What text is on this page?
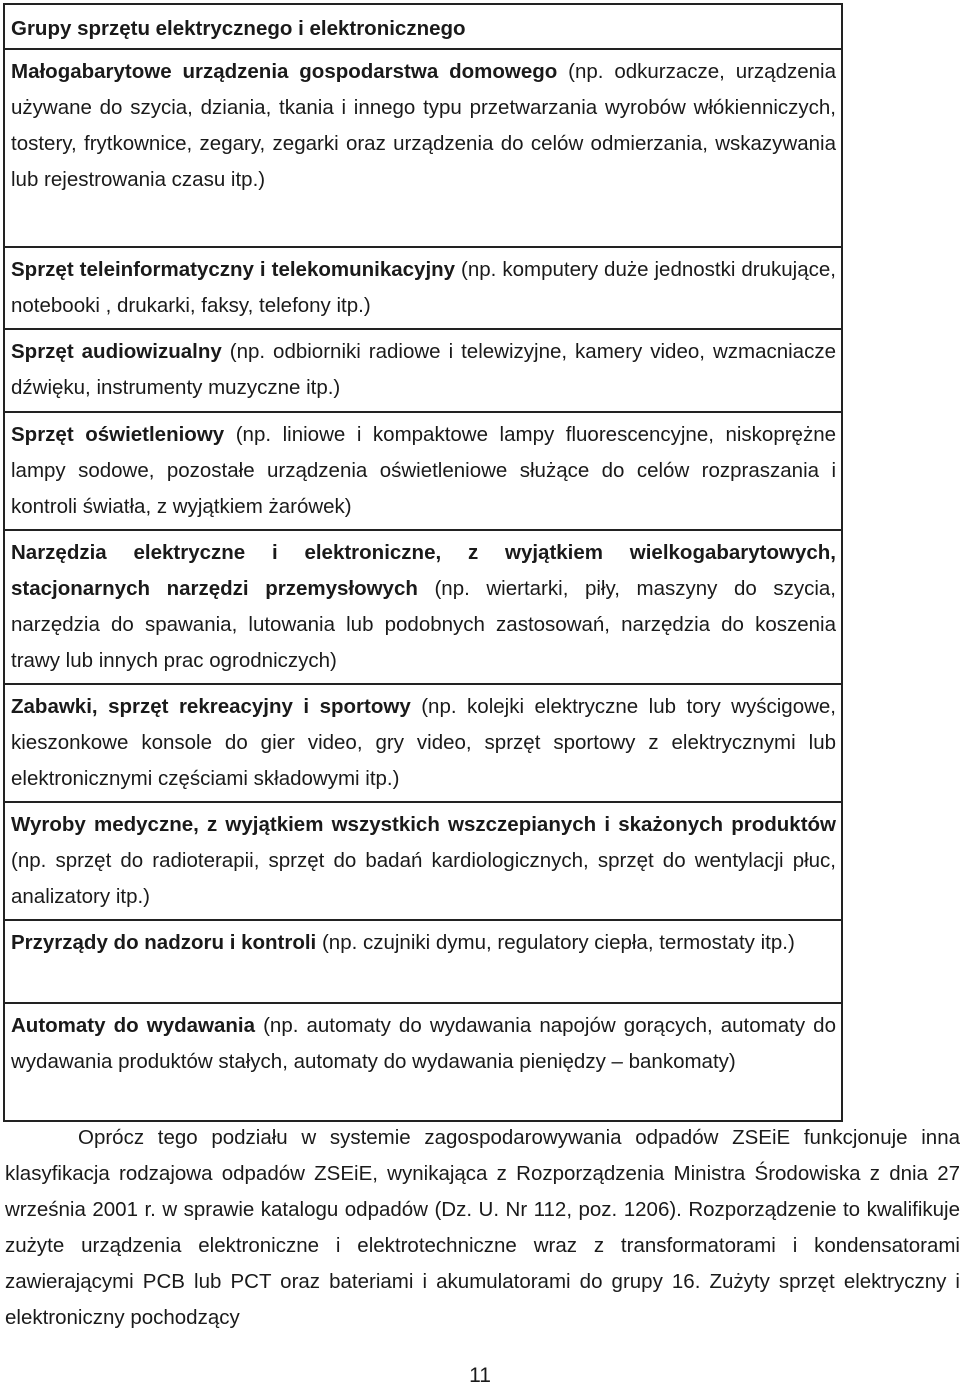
Grupy sprzętu elektrycznego i elektronicznego
Małogabarytowe urządzenia gospodarstwa domowego (np. odkurzacze, urządzenia używane do szycia, dziania, tkania i innego typu przetwarzania wyrobów włókienniczych, tostery, frytkownice, zegary, zegarki oraz urządzenia do celów odmierzania, wskazywania lub rejestrowania czasu itp.)
Sprzęt teleinformatyczny i telekomunikacyjny (np. komputery duże jednostki drukujące, notebooki , drukarki, faksy, telefony itp.)
Sprzęt audiowizualny (np. odbiorniki radiowe i telewizyjne, kamery video, wzmacniacze dźwięku, instrumenty muzyczne itp.)
Sprzęt oświetleniowy (np. liniowe i kompaktowe lampy fluorescencyjne, niskoprężne lampy sodowe, pozostałe urządzenia oświetleniowe służące do celów rozpraszania i kontroli światła, z wyjątkiem żarówek)
Narzędzia elektryczne i elektroniczne, z wyjątkiem wielkogabarytowych, stacjonarnych narzędzi przemysłowych (np. wiertarki, piły, maszyny do szycia, narzędzia do spawania, lutowania lub podobnych zastosowań, narzędzia do koszenia trawy lub innych prac ogrodniczych)
Zabawki, sprzęt rekreacyjny i sportowy (np. kolejki elektryczne lub tory wyścigowe, kieszonkowe konsole do gier video, gry video, sprzęt sportowy z elektrycznymi lub elektronicznymi częściami składowymi itp.)
Wyroby medyczne, z wyjątkiem wszystkich wszczepianych i skażonych produktów (np. sprzęt do radioterapii, sprzęt do badań kardiologicznych, sprzęt do wentylacji płuc, analizatory itp.)
Przyrządy do nadzoru i kontroli (np. czujniki dymu, regulatory ciepła, termostaty itp.)
Automaty do wydawania (np. automaty do wydawania napojów gorących, automaty do wydawania produktów stałych, automaty do wydawania pieniędzy – bankomaty)

Oprócz tego podziału w systemie zagospodarowywania odpadów ZSEiE funkcjonuje inna klasyfikacja rodzajowa odpadów ZSEiE, wynikająca z Rozporządzenia Ministra Środowiska z dnia 27 września 2001 r. w sprawie katalogu odpadów (Dz. U. Nr 112, poz. 1206). Rozporządzenie to kwalifikuje zużyte urządzenia elektroniczne i elektrotechniczne wraz z transformatorami i kondensatorami zawierającymi PCB lub PCT oraz bateriami i akumulatorami do grupy 16. Zużyty sprzęt elektryczny i elektroniczny pochodzący

11
